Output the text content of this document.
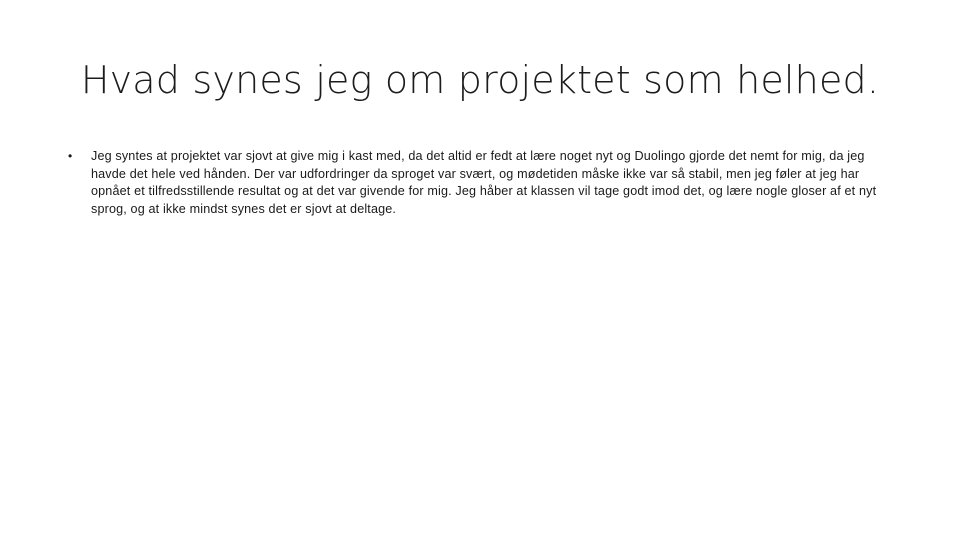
Hvad synes jeg om projektet som helhed.
• Jeg syntes at projektet var sjovt at give mig i kast med, da det altid er fedt at lære noget nyt og Duolingo gjorde det nemt for mig, da jeg havde det hele ved hånden. Der var udfordringer da sproget var svært, og mødetiden måske ikke var så stabil, men jeg føler at jeg har opnået et tilfredsstillende resultat og at det var givende for mig. Jeg håber at klassen vil tage godt imod det, og lære nogle gloser af et nyt sprog, og at ikke mindst synes det er sjovt at deltage.
